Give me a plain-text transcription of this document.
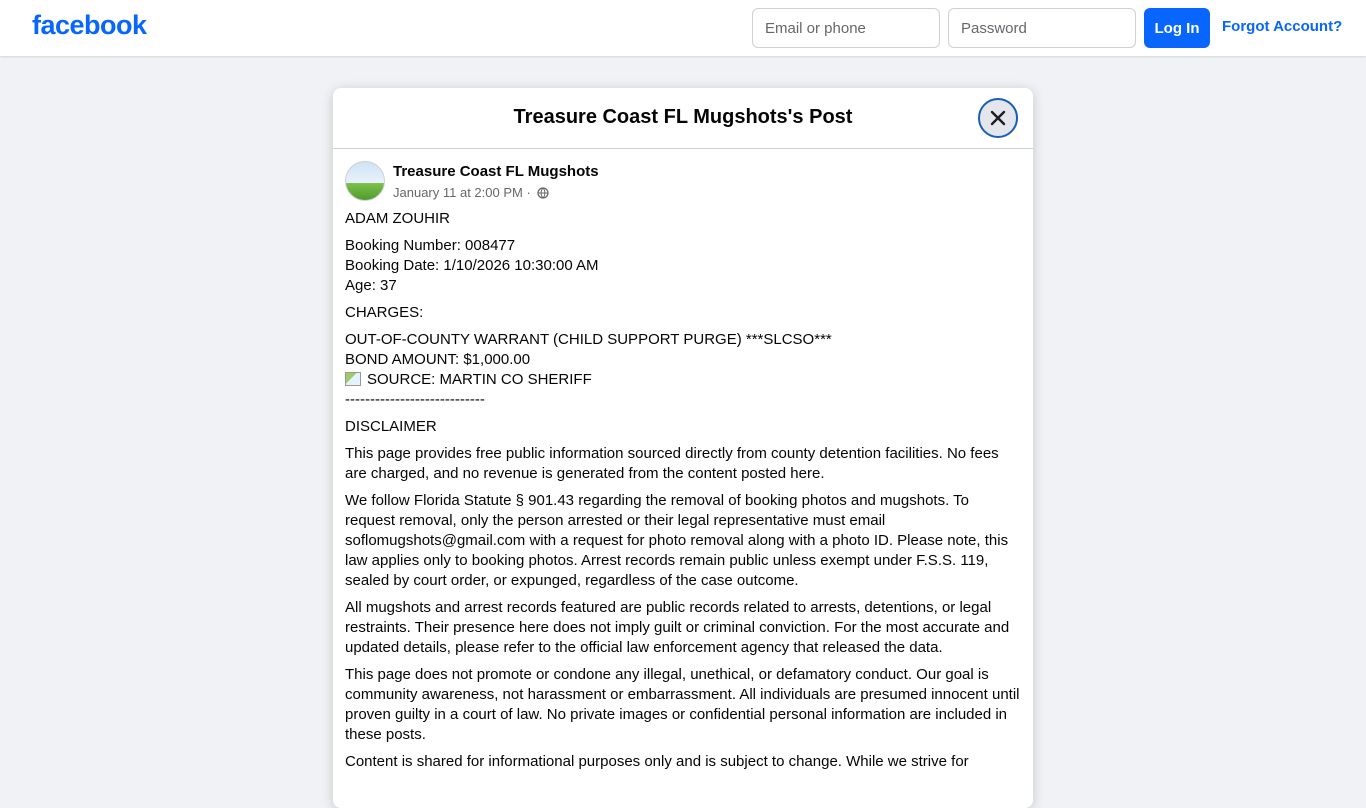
facebook
Email or phone	Log In	Forgot Account?
Treasure Coast FL Mugshots's Post
Treasure Coast FL Mugshots
January 11 at 2:00 PM ·

ADAM ZOUHIR

Booking Number: 008477
Booking Date: 1/10/2026 10:30:00 AM
Age: 37

CHARGES:

OUT-OF-COUNTY WARRANT (CHILD SUPPORT PURGE) ***SLCSO***
BOND AMOUNT: $1,000.00
SOURCE: MARTIN CO SHERIFF
----------------------------

DISCLAIMER

This page provides free public information sourced directly from county detention facilities. No fees are charged, and no revenue is generated from the content posted here.

We follow Florida Statute § 901.43 regarding the removal of booking photos and mugshots. To request removal, only the person arrested or their legal representative must email soflomugshots@gmail.com with a request for photo removal along with a photo ID. Please note, this law applies only to booking photos. Arrest records remain public unless exempt under F.S.S. 119, sealed by court order, or expunged, regardless of the case outcome.

All mugshots and arrest records featured are public records related to arrests, detentions, or legal restraints. Their presence here does not imply guilt or criminal conviction. For the most accurate and updated details, please refer to the official law enforcement agency that released the data.

This page does not promote or condone any illegal, unethical, or defamatory conduct. Our goal is community awareness, not harassment or embarrassment. All individuals are presumed innocent until proven guilty in a court of law. No private images or confidential personal information are included in these posts.

Content is shared for informational purposes only and is subject to change. While we strive for
